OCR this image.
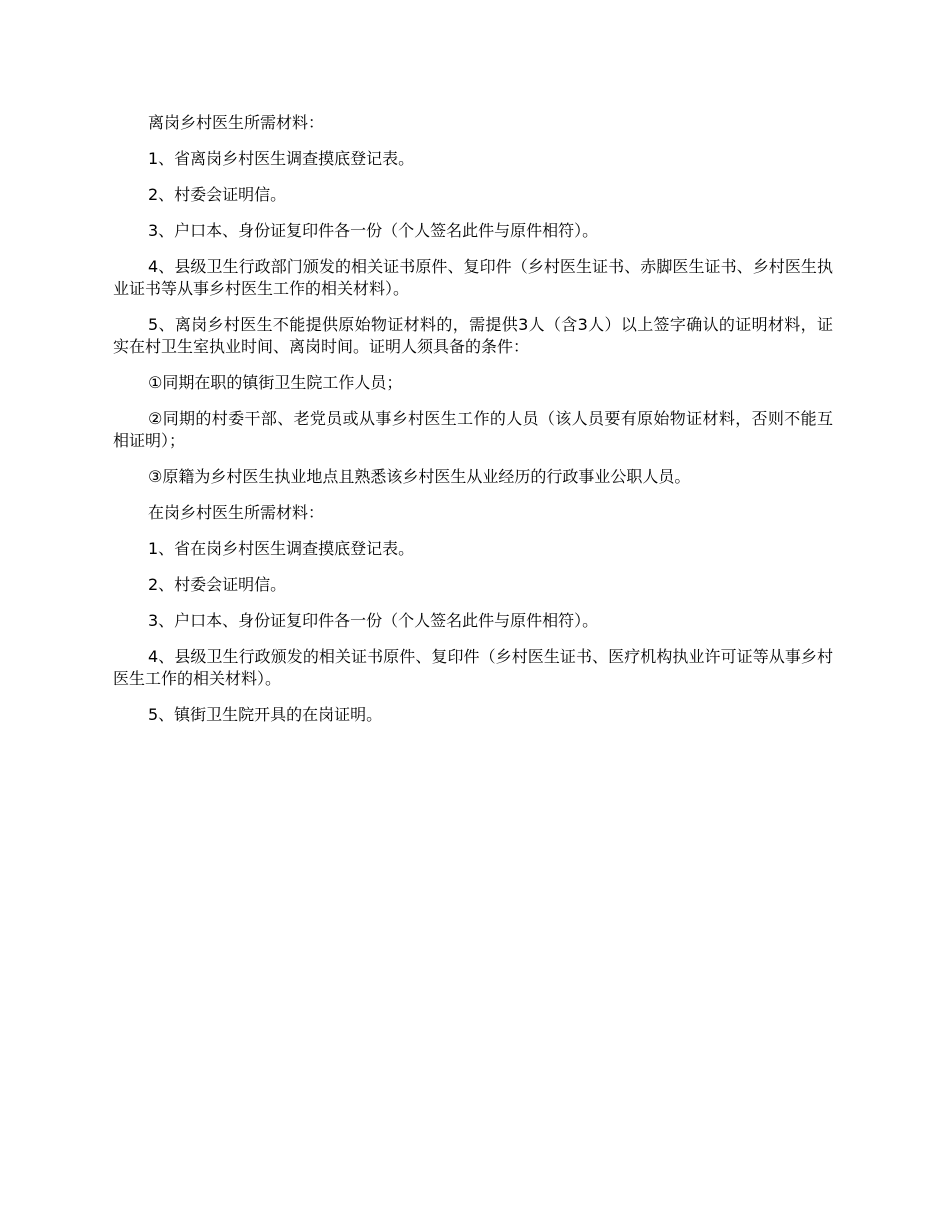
离岗乡村医生所需材料：

1、省离岗乡村医生调查摸底登记表。

2、村委会证明信。

3、户口本、身份证复印件各一份（个人签名此件与原件相符）。

4、县级卫生行政部门颁发的相关证书原件、复印件（乡村医生证书、赤脚医生证书、乡村医生执业证书等从事乡村医生工作的相关材料）。

5、离岗乡村医生不能提供原始物证材料的，需提供3人（含3人）以上签字确认的证明材料，证实在村卫生室执业时间、离岗时间。证明人须具备的条件：

①同期在职的镇街卫生院工作人员；

②同期的村委干部、老党员或从事乡村医生工作的人员（该人员要有原始物证材料，否则不能互相证明）；

③原籍为乡村医生执业地点且熟悉该乡村医生从业经历的行政事业公职人员。

在岗乡村医生所需材料：

1、省在岗乡村医生调查摸底登记表。

2、村委会证明信。

3、户口本、身份证复印件各一份（个人签名此件与原件相符）。

4、县级卫生行政颁发的相关证书原件、复印件（乡村医生证书、医疗机构执业许可证等从事乡村医生工作的相关材料）。

5、镇街卫生院开具的在岗证明。
